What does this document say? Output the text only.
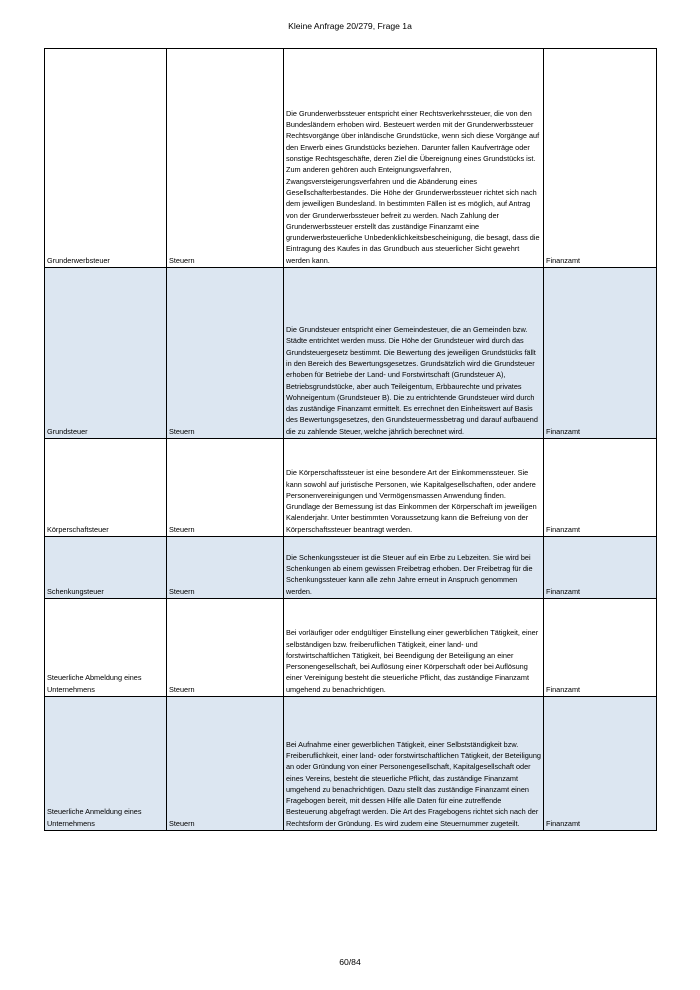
Kleine Anfrage 20/279, Frage 1a
Grunderwerbsteuer	Steuern	Die Grunderwerbssteuer entspricht einer Rechtsverkehrssteuer, die von den Bundesländern erhoben wird. Besteuert werden mit der Grunderwerbssteuer Rechtsvorgänge über inländische Grundstücke, wenn sich diese Vorgänge auf den Erwerb eines Grundstücks beziehen. Darunter fallen Kaufverträge oder sonstige Rechtsgeschäfte, deren Ziel die Übereignung eines Grundstücks ist. Zum anderen gehören auch Enteignungsverfahren, Zwangsversteigerungsverfahren und die Abänderung eines Gesellschafterbestandes. Die Höhe der Grunderwerbssteuer richtet sich nach dem jeweiligen Bundesland. In bestimmten Fällen ist es möglich, auf Antrag von der Grunderwerbssteuer befreit zu werden. Nach Zahlung der Grunderwerbssteuer erstellt das zuständige Finanzamt eine grunderwerbsteuerliche Unbedenklichkeitsbescheinigung, die besagt, dass die Eintragung des Kaufes in das Grundbuch aus steuerlicher Sicht gewehrt werden kann.	Finanzamt
Grundsteuer	Steuern	Die Grundsteuer entspricht einer Gemeindesteuer, die an Gemeinden bzw. Städte entrichtet werden muss. Die Höhe der Grundsteuer wird durch das Grundsteuergesetz bestimmt. Die Bewertung des jeweiligen Grundstücks fällt in den Bereich des Bewertungsgesetzes. Grundsätzlich wird die Grundsteuer erhoben für Betriebe der Land- und Forstwirtschaft (Grundsteuer A), Betriebsgrundstücke, aber auch Teileigentum, Erbbaurechte und privates Wohneigentum (Grundsteuer B). Die zu entrichtende Grundsteuer wird durch das zuständige Finanzamt ermittelt. Es errechnet den Einheitswert auf Basis des Bewertungsgesetzes, den Grundsteuermessbetrag und darauf aufbauend die zu zahlende Steuer, welche jährlich berechnet wird.	Finanzamt
Körperschaftsteuer	Steuern	Die Körperschaftssteuer ist eine besondere Art der Einkommenssteuer. Sie kann sowohl auf juristische Personen, wie Kapitalgesellschaften, oder andere Personenvereinigungen und Vermögensmassen Anwendung finden. Grundlage der Bemessung ist das Einkommen der Körperschaft im jeweiligen Kalenderjahr. Unter bestimmten Voraussetzung kann die Befreiung von der Körperschaftssteuer beantragt werden.	Finanzamt
Schenkungsteuer	Steuern	Die Schenkungssteuer ist die Steuer auf ein Erbe zu Lebzeiten. Sie wird bei Schenkungen ab einem gewissen Freibetrag erhoben. Der Freibetrag für die Schenkungssteuer kann alle zehn Jahre erneut in Anspruch genommen werden.	Finanzamt
Steuerliche Abmeldung eines Unternehmens	Steuern	Bei vorläufiger oder endgültiger Einstellung einer gewerblichen Tätigkeit, einer selbständigen bzw. freiberuflichen Tätigkeit, einer land- und forstwirtschaftlichen Tätigkeit, bei Beendigung der Beteiligung an einer Personengesellschaft, bei Auflösung einer Körperschaft oder bei Auflösung einer Vereinigung besteht die steuerliche Pflicht, das zuständige Finanzamt umgehend zu benachrichtigen.	Finanzamt
Steuerliche Anmeldung eines Unternehmens	Steuern	Bei Aufnahme einer gewerblichen Tätigkeit, einer Selbstständigkeit bzw. Freiberuflichkeit, einer land- oder forstwirtschaftlichen Tätigkeit, der Beteiligung an oder Gründung von einer Personengesellschaft, Kapitalgesellschaft oder eines Vereins, besteht die steuerliche Pflicht, das zuständige Finanzamt umgehend zu benachrichtigen. Dazu stellt das zuständige Finanzamt einen Fragebogen bereit, mit dessen Hilfe alle Daten für eine zutreffende Besteuerung abgefragt werden. Die Art des Fragebogens richtet sich nach der Rechtsform der Gründung. Es wird zudem eine Steuernummer zugeteilt.	Finanzamt
60/84
